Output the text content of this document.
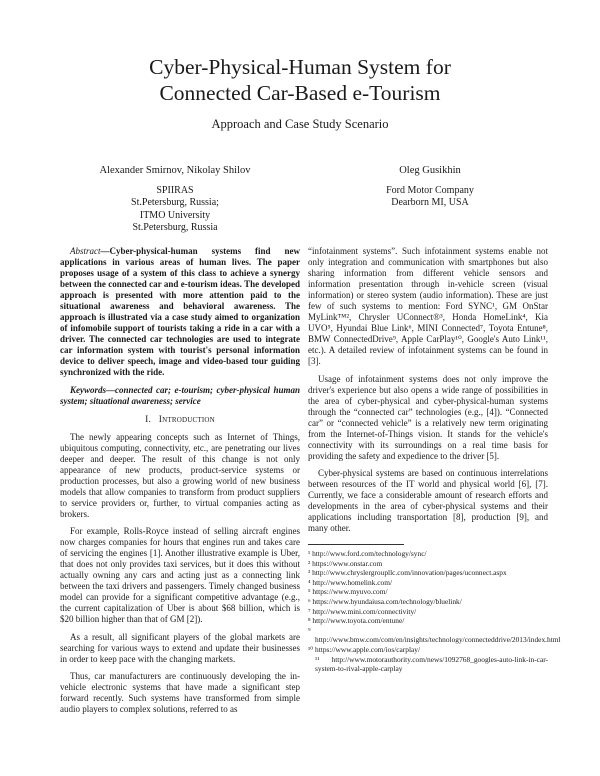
Cyber-Physical-Human System for
Connected Car-Based e-Tourism
Approach and Case Study Scenario
Alexander Smirnov, Nikolay Shilov
SPIIRAS
St.Petersburg, Russia;
ITMO University
St.Petersburg, Russia
Oleg Gusikhin
Ford Motor Company
Dearborn MI, USA

Abstract—Cyber-physical-human systems find new applications in various areas of human lives. The paper proposes usage of a system of this class to achieve a synergy between the connected car and e-tourism ideas. The developed approach is presented with more attention paid to the situational awareness and behavioral awareness. The approach is illustrated via a case study aimed to organization of infomobile support of tourists taking a ride in a car with a driver. The connected car technologies are used to integrate car information system with tourist's personal information device to deliver speech, image and video-based tour guiding synchronized with the ride.

Keywords—connected car; e-tourism; cyber-physical human system; situational awareness; service

I. Introduction

The newly appearing concepts such as Internet of Things, ubiquitous computing, connectivity, etc., are penetrating our lives deeper and deeper. The result of this change is not only appearance of new products, product-service systems or production processes, but also a growing world of new business models that allow companies to transform from product suppliers to service providers or, further, to virtual companies acting as brokers.

For example, Rolls-Royce instead of selling aircraft engines now charges companies for hours that engines run and takes care of servicing the engines [1]. Another illustrative example is Uber, that does not only provides taxi services, but it does this without actually owning any cars and acting just as a connecting link between the taxi drivers and passengers. Timely changed business model can provide for a significant competitive advantage (e.g., the current capitalization of Uber is about $68 billion, which is $20 billion higher than that of GM [2]).

As a result, all significant players of the global markets are searching for various ways to extend and update their businesses in order to keep pace with the changing markets.

Thus, car manufacturers are continuously developing the in-vehicle electronic systems that have made a significant step forward recently. Such systems have transformed from simple audio players to complex solutions, referred to as

“infotainment systems”. Such infotainment systems enable not only integration and communication with smartphones but also sharing information from different vehicle sensors and information presentation through in-vehicle screen (visual information) or stereo system (audio information). These are just few of such systems to mention: Ford SYNC¹, GM OnStar MyLink™², Chrysler UConnect®³, Honda HomeLink⁴, Kia UVO⁵, Hyundai Blue Link⁶, MINI Connected⁷, Toyota Entune⁸, BMW ConnectedDrive⁹, Apple CarPlay¹⁰, Google's Auto Link¹¹, etc.). A detailed review of infotainment systems can be found in [3].

Usage of infotainment systems does not only improve the driver's experience but also opens a wide range of possibilities in the area of cyber-physical and cyber-physical-human systems through the “connected car” technologies (e.g., [4]). “Connected car” or “connected vehicle” is a relatively new term originating from the Internet-of-Things vision. It stands for the vehicle's connectivity with its surroundings on a real time basis for providing the safety and expedience to the driver [5].

Cyber-physical systems are based on continuous interrelations between resources of the IT world and physical world [6], [7]. Currently, we face a considerable amount of research efforts and developments in the area of cyber-physical systems and their applications including transportation [8], production [9], and many other.

¹ http://www.ford.com/technology/sync/
² https://www.onstar.com
³ http://www.chryslergroupllc.com/innovation/pages/uconnect.aspx
⁴ http://www.homelink.com/
⁵ https://www.myuvo.com/
⁶ https://www.hyundaiusa.com/technology/bluelink/
⁷ http://www.mini.com/connectivity/
⁸ http://www.toyota.com/entune/
⁹
http://www.bmw.com/com/en/insights/technology/connecteddrive/2013/index.html
¹⁰ https://www.apple.com/ios/carplay/
¹¹ http://www.motorauthority.com/news/1092768_googles-auto-link-in-car-system-to-rival-apple-carplay
